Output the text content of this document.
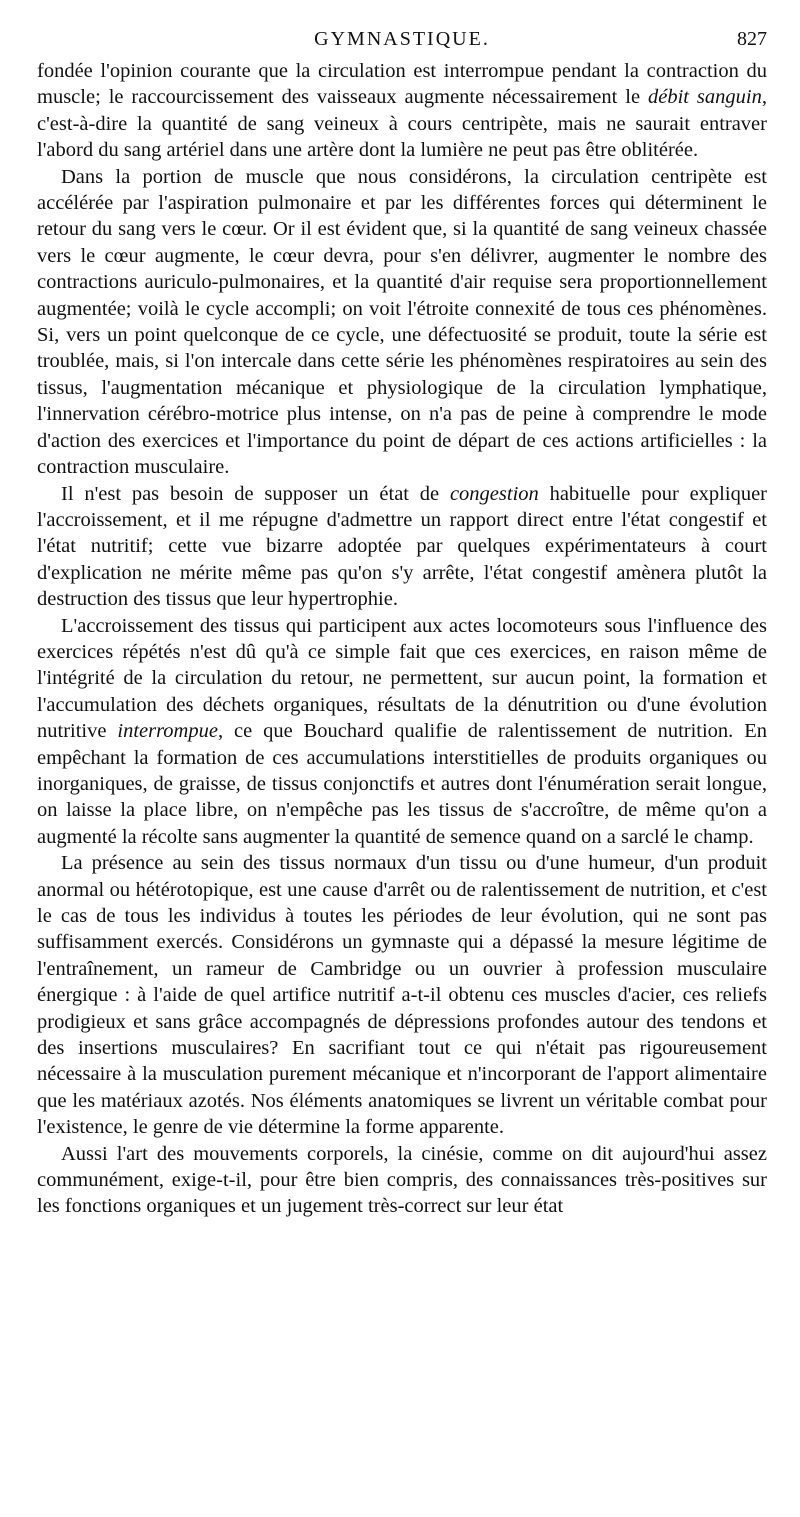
GYMNASTIQUE.	827

fondée l'opinion courante que la circulation est interrompue pendant la contraction du muscle; le raccourcissement des vaisseaux augmente nécessairement le débit sanguin, c'est-à-dire la quantité de sang veineux à cours centripète, mais ne saurait entraver l'abord du sang artériel dans une artère dont la lumière ne peut pas être oblitérée.

Dans la portion de muscle que nous considérons, la circulation centripète est accélérée par l'aspiration pulmonaire et par les différentes forces qui déterminent le retour du sang vers le cœur. Or il est évident que, si la quantité de sang veineux chassée vers le cœur augmente, le cœur devra, pour s'en délivrer, augmenter le nombre des contractions auriculo-pulmonaires, et la quantité d'air requise sera proportionnellement augmentée; voilà le cycle accompli; on voit l'étroite connexité de tous ces phénomènes. Si, vers un point quelconque de ce cycle, une défectuosité se produit, toute la série est troublée, mais, si l'on intercale dans cette série les phénomènes respiratoires au sein des tissus, l'augmentation mécanique et physiologique de la circulation lymphatique, l'innervation cérébro-motrice plus intense, on n'a pas de peine à comprendre le mode d'action des exercices et l'importance du point de départ de ces actions artificielles : la contraction musculaire.

Il n'est pas besoin de supposer un état de congestion habituelle pour expliquer l'accroissement, et il me répugne d'admettre un rapport direct entre l'état congestif et l'état nutritif; cette vue bizarre adoptée par quelques expérimentateurs à court d'explication ne mérite même pas qu'on s'y arrête, l'état congestif amènera plutôt la destruction des tissus que leur hypertrophie.

L'accroissement des tissus qui participent aux actes locomoteurs sous l'influence des exercices répétés n'est dû qu'à ce simple fait que ces exercices, en raison même de l'intégrité de la circulation du retour, ne permettent, sur aucun point, la formation et l'accumulation des déchets organiques, résultats de la dénutrition ou d'une évolution nutritive interrompue, ce que Bouchard qualifie de ralentissement de nutrition. En empêchant la formation de ces accumulations interstitielles de produits organiques ou inorganiques, de graisse, de tissus conjonctifs et autres dont l'énumération serait longue, on laisse la place libre, on n'empêche pas les tissus de s'accroître, de même qu'on a augmenté la récolte sans augmenter la quantité de semence quand on a sarclé le champ.

La présence au sein des tissus normaux d'un tissu ou d'une humeur, d'un produit anormal ou hétérotopique, est une cause d'arrêt ou de ralentissement de nutrition, et c'est le cas de tous les individus à toutes les périodes de leur évolution, qui ne sont pas suffisamment exercés. Considérons un gymnaste qui a dépassé la mesure légitime de l'entraînement, un rameur de Cambridge ou un ouvrier à profession musculaire énergique : à l'aide de quel artifice nutritif a-t-il obtenu ces muscles d'acier, ces reliefs prodigieux et sans grâce accompagnés de dépressions profondes autour des tendons et des insertions musculaires? En sacrifiant tout ce qui n'était pas rigoureusement nécessaire à la musculation purement mécanique et n'incorporant de l'apport alimentaire que les matériaux azotés. Nos éléments anatomiques se livrent un véritable combat pour l'existence, le genre de vie détermine la forme apparente.

Aussi l'art des mouvements corporels, la cinésie, comme on dit aujourd'hui assez communément, exige-t-il, pour être bien compris, des connaissances très-positives sur les fonctions organiques et un jugement très-correct sur leur état
